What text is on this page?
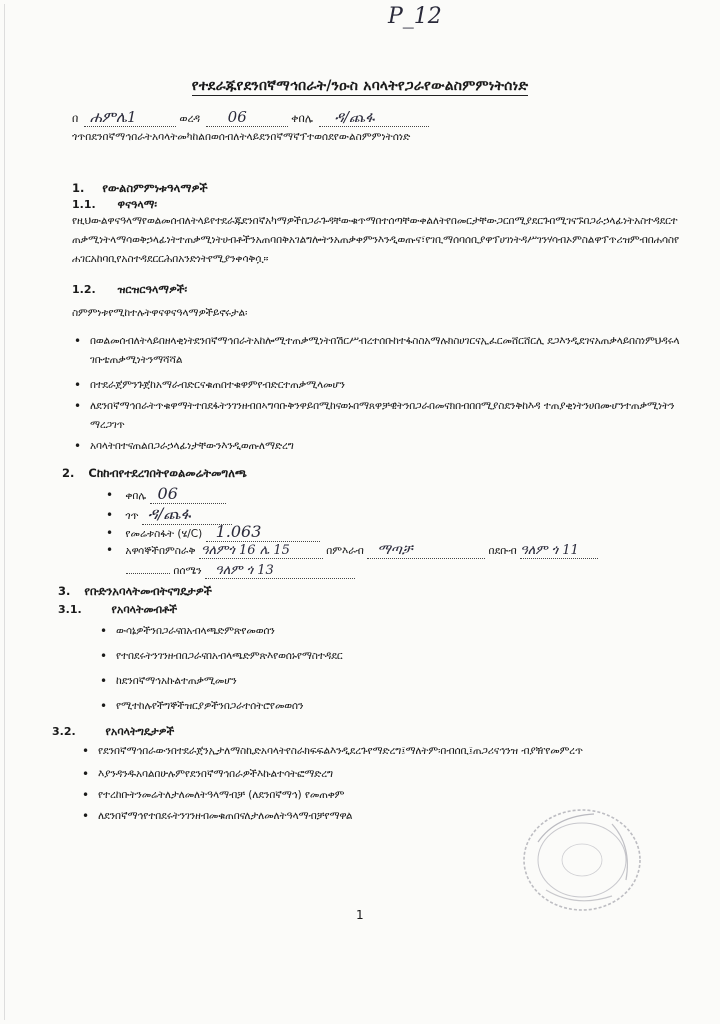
P_12
የተደራጁየደንበኛማኅበራት/ንዑስ አባላትየጋራየውልስምምነትሰነድ
በ ሐምሌ1	ወረዳ 06	ቀበሌ ዳ/ጨፋ
ጎጥበደንበኛማኅበራትአባላትመካከልበወሰብለትላይደንበኛማኛፕተወሰደየውልስምምነትሰነድ
1. የውልስምምነቱዓላማዎች
1.1. ዋናዓላማ፡
የዚህውልዋናዓላማየወልመሰብለትላይየተደራጁደንበኛአካማዎችበጋራጉዳቸውቁጥማበተሰጣቸውቀልለትየበመርታቸውጋርበሚያደርጉበሚገናኙበጋራኃላፊነትአስተዳደርተጠቃሚነትላማሳወቅኃላፊነትተጠቃሚነትሀብቶችንአጠባበቅአገልግሎትንአጠቃቀምንእንዲወጡና፣የገቢማሰባሰቢያዋፕሀገነትዳሥገንሃሳብኦምስልዋፕጥሪዝምብበሐሳስየሐገርአከባቢየአስተዳደርርሕበአንድነትየሚያንቀሳቅሷ።
1.2. ዝርዝርዓላማዎች፡
ስምምነቱየሚከተሉትዋናዋናዓላማዎችይኖሩታል፡
• በወልመሰብለትላይበዘላቂነትደንበኛማኅበራትአከሎሚተጠቃሚነትበሽርሥብረተሰቡከተፋስስአማሉክስሀገርናኢፈርመሸርሸርሊ ደጋእንዲደገናአጠቃላይበስነምህዳሩላገቡቴጠቃሚነትንማሻሻል
• በተደራጀምንጉጀከአማራብድርናቁጠበተቁዋምየብድርተጠቃሚላመሆን
• ለደንበኛማኅበራትጥቁዋማትተበደፋትንገንዘብበኣግባቡቅንዋይበሚከናወኑበማጸዋቻዊትንበጋራበመናክበብበበሚያስደንቅከእዳ ተጠያቂነትንሀበሙሆንተጠቃሚነትንማረጋገጥ
• አባላትበተናጠልበጋራኃላፊነታቸውንእንዲወጡለማድረግ
2. Cከከብየተደረገበትየወልመሬትመግለጫ
• ቀበሌ 06
• ጎጥ ዳ/ጨፋ
• የመሬቱስፋት (ሄ/C) 1.063
• አዋሳኞችበምስራቅ ዓለምጎ 16 ሌ 15	በምእራብ ማጣቻ	በደቡብ ዓለም ጎ 11
በሰሜን ዓለም ጎ 13
3. የቡድንአባላትመብትናግዴታዎች
3.1.	የአባላትመብቶች
• ውሳኔዎችንበጋራናበአብላጫድምጽየመወሰን
• የተበደሩትንገንዘብበጋራናበአብላጫድምጽእየወሰኑየማስተዳደር
• ከደንበኛማኅአኩልተጠቃሚመሆን
• የሚተከሉየችግኞችዝርያዎችንበጋራተሰትሮየመወሰን
3.2.	የአባላትግዴታዎች
• የደንበኛማኅበራውንበተደራጀንኢታለማስኪድአባላትየስራክፍፍልእንዲደረጉየማድረግ፤ማለትም፡በብሰቢ፤ጠጋሪናኅንዝ ብያዥየመምረጥ
• እያንዳንዱአባልበሁሉምየደንበኛማኅበራዎችእኩልተሳትፎማድረግ
• የተረከቡትንመሬትለታለመለትዓላማብቻ (ለደንበኛማኅ) የመጠቀም
• ለደንበኛማኅየተበደሩትንገንዘብመቁጠበናለታለመለትዓላማብቻየማዋል
1
